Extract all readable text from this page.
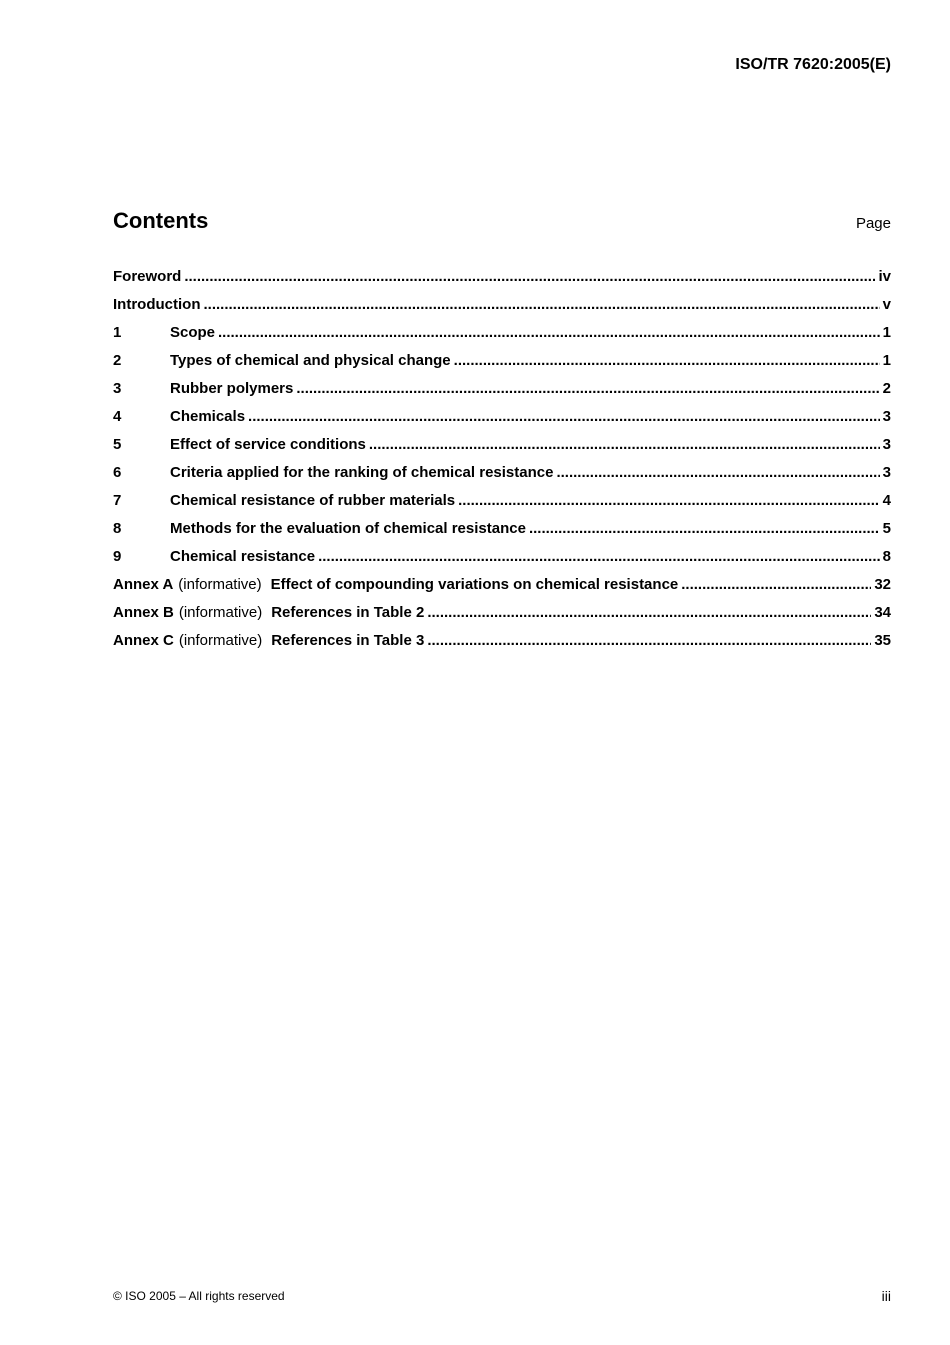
ISO/TR 7620:2005(E)
Contents	Page
Foreword .....	iv
Introduction .....	v
1	Scope .....	1
2	Types of chemical and physical change .....	1
3	Rubber polymers .....	2
4	Chemicals .....	3
5	Effect of service conditions .....	3
6	Criteria applied for the ranking of chemical resistance .....	3
7	Chemical resistance of rubber materials .....	4
8	Methods for the evaluation of chemical resistance .....	5
9	Chemical resistance .....	8
Annex A (informative) Effect of compounding variations on chemical resistance .....	32
Annex B (informative) References in Table 2 .....	34
Annex C (informative) References in Table 3 .....	35
© ISO 2005 – All rights reserved	iii
